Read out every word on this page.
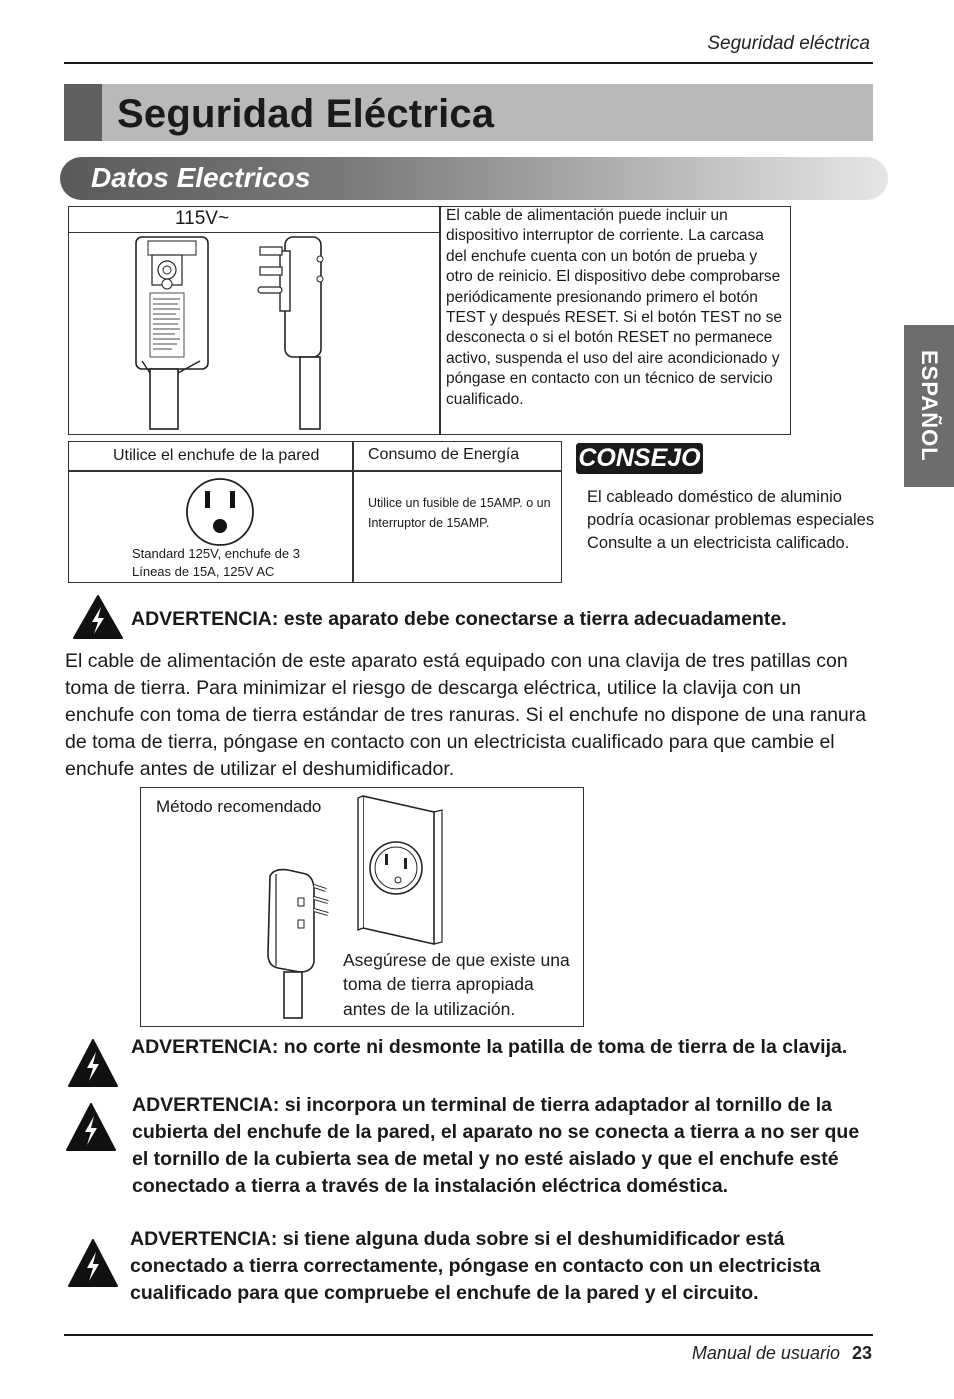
Seguridad eléctrica
Seguridad Eléctrica
Datos Electricos
ESPAÑOL
115V~	El cable de alimentación puede incluir un dispositivo interruptor de corriente. La carcasa del enchufe cuenta con un botón de prueba y otro de reinicio. El dispositivo debe comprobarse periódicamente presionando primero el botón TEST y después RESET. Si el botón TEST no se desconecta o si el botón RESET no permanece activo, suspenda el uso del aire acondicionado y póngase en contacto con un técnico de servicio cualificado.
Utilice el enchufe de la pared	Consumo de Energía
Standard 125V, enchufe de 3
Líneas de 15A, 125V AC
Utilice un fusible de 15AMP. o un
Interruptor de 15AMP.
CONSEJO
El cableado doméstico de aluminio
podría ocasionar problemas especiales
Consulte a un electricista calificado.
ADVERTENCIA: este aparato debe conectarse a tierra adecuadamente.
El cable de alimentación de este aparato está equipado con una clavija de tres patillas con toma de tierra. Para minimizar el riesgo de descarga eléctrica, utilice la clavija con un enchufe con toma de tierra estándar de tres ranuras. Si el enchufe no dispone de una ranura de toma de tierra, póngase en contacto con un electricista cualificado para que cambie el enchufe antes de utilizar el deshumidificador.
Método recomendado
Asegúrese de que existe una
toma de tierra apropiada
antes de la utilización.
ADVERTENCIA: no corte ni desmonte la patilla de toma de tierra de la clavija.
ADVERTENCIA: si incorpora un terminal de tierra adaptador al tornillo de la cubierta del enchufe de la pared, el aparato no se conecta a tierra a no ser que el tornillo de la cubierta sea de metal y no esté aislado y que el enchufe esté conectado a tierra a través de la instalación eléctrica doméstica.
ADVERTENCIA: si tiene alguna duda sobre si el deshumidificador está conectado a tierra correctamente, póngase en contacto con un electricista cualificado para que compruebe el enchufe de la pared y el circuito.
Manual de usuario 23
